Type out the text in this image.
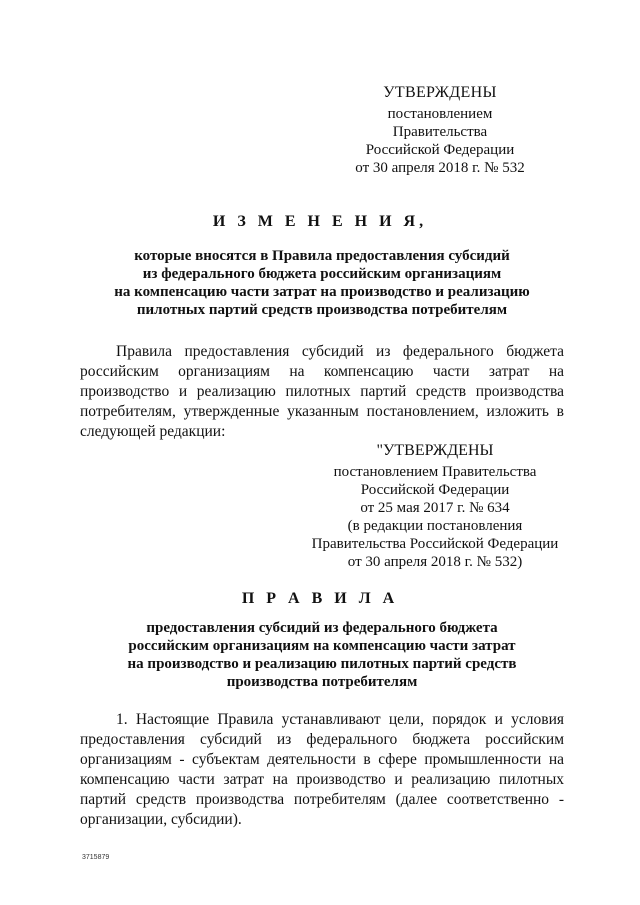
УТВЕРЖДЕНЫ
постановлением Правительства
Российской Федерации
от 30 апреля 2018 г. № 532
И З М Е Н Е Н И Я,
которые вносятся в Правила предоставления субсидий
из федерального бюджета российским организациям
на компенсацию части затрат на производство и реализацию
пилотных партий средств производства потребителям
Правила предоставления субсидий из федерального бюджета российским организациям на компенсацию части затрат на производство и реализацию пилотных партий средств производства потребителям, утвержденные указанным постановлением, изложить в следующей редакции:
"УТВЕРЖДЕНЫ
постановлением Правительства
Российской Федерации
от 25 мая 2017 г. № 634
(в редакции постановления
Правительства Российской Федерации
от 30 апреля 2018 г. № 532)
П Р А В И Л А
предоставления субсидий из федерального бюджета
российским организациям на компенсацию части затрат
на производство и реализацию пилотных партий средств
производства потребителям
1. Настоящие Правила устанавливают цели, порядок и условия предоставления субсидий из федерального бюджета российским организациям - субъектам деятельности в сфере промышленности на компенсацию части затрат на производство и реализацию пилотных партий средств производства потребителям (далее соответственно - организации, субсидии).
3715879
